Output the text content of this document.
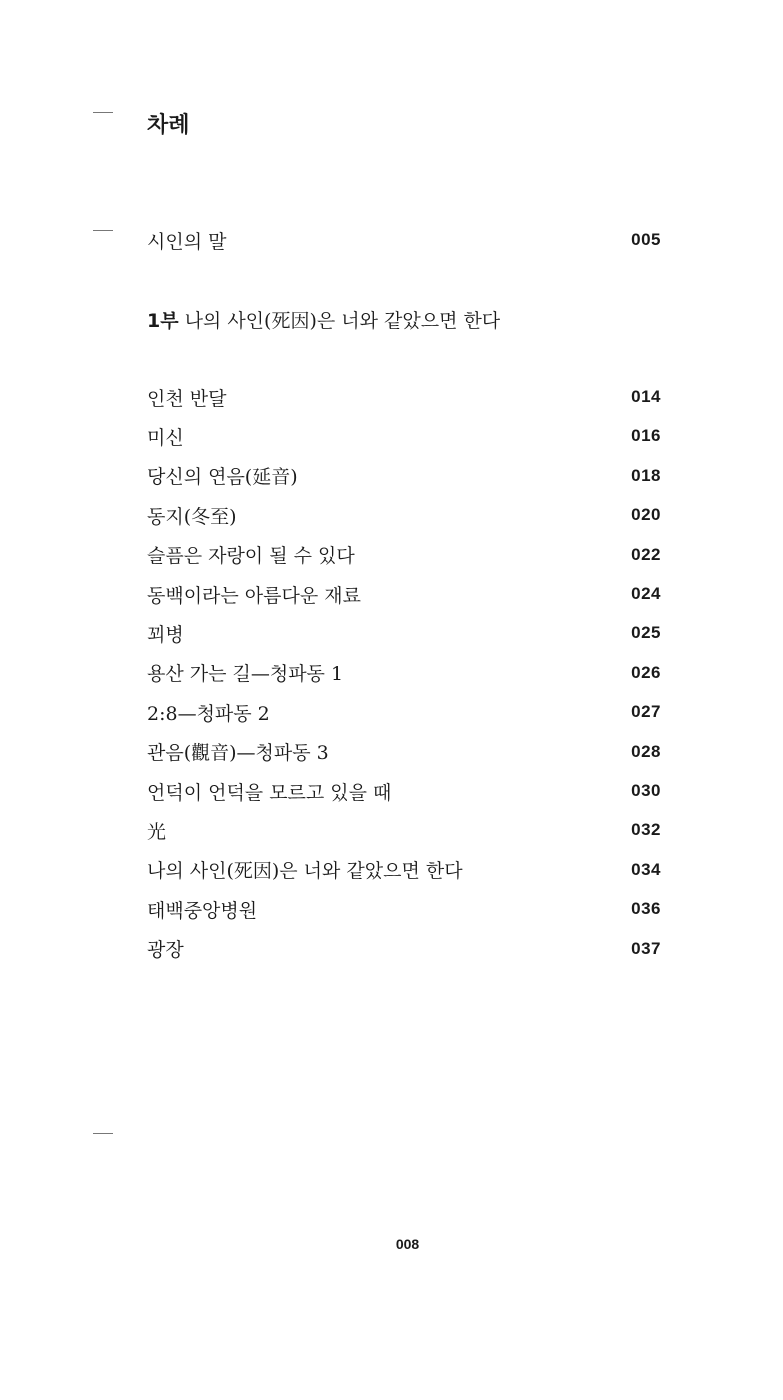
차례
시인의 말	005
1부 나의 사인(死因)은 너와 같았으면 한다
인천 반달	014
미신	016
당신의 연음(延音)	018
동지(冬至)	020
슬픔은 자랑이 될 수 있다	022
동백이라는 아름다운 재료	024
꾀병	025
용산 가는 길—청파동 1	026
2:8—청파동 2	027
관음(觀音)—청파동 3	028
언덕이 언덕을 모르고 있을 때	030
光	032
나의 사인(死因)은 너와 같았으면 한다	034
태백중앙병원	036
광장	037
008
